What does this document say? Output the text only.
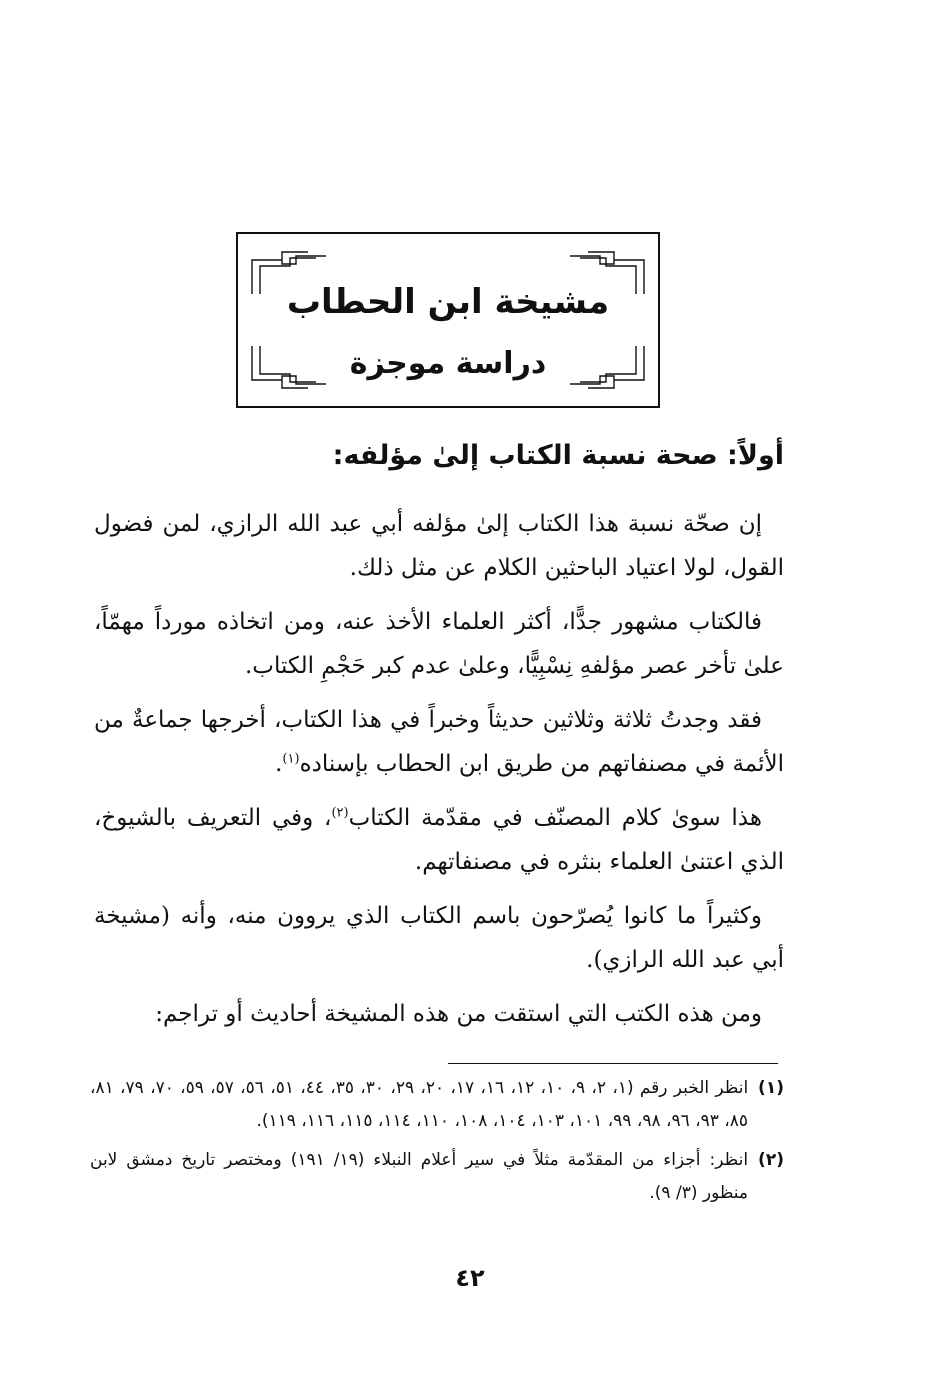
مشيخة ابن الحطاب
دراسة موجزة
أولاً: صحة نسبة الكتاب إلىٰ مؤلفه:

إن صحّة نسبة هذا الكتاب إلىٰ مؤلفه أبي عبد الله الرازي، لمن فضول القول، لولا اعتياد الباحثين الكلام عن مثل ذلك.

فالكتاب مشهور جدًّا، أكثر العلماء الأخذ عنه، ومن اتخاذه مورداً مهمّاً، علىٰ تأخر عصر مؤلفهِ نِسْبِيًّا، وعلىٰ عدم كبر حَجْمِ الكتاب.

فقد وجدتُ ثلاثة وثلاثين حديثاً وخبراً في هذا الكتاب، أخرجها جماعةٌ من الأئمة في مصنفاتهم من طريق ابن الحطاب بإسناده$^{(١)}$.

هذا سوىٰ كلام المصنّف في مقدّمة الكتاب$^{(٢)}$، وفي التعريف بالشيوخ، الذي اعتنىٰ العلماء بنثره في مصنفاتهم.

وكثيراً ما كانوا يُصرّحون باسم الكتاب الذي يروون منه، وأنه (مشيخة أبي عبد الله الرازي).

ومن هذه الكتب التي استقت من هذه المشيخة أحاديث أو تراجم:

(١)
انظر الخبر رقم (١، ٢، ٩، ١٠، ١٢، ١٦، ١٧، ٢٠، ٢٩، ٣٠، ٣٥، ٤٤، ٥١، ٥٦، ٥٧، ٥٩، ٧٠، ٧٩، ٨١، ٨٥، ٩٣، ٩٦، ٩٨، ٩٩، ١٠١، ١٠٣، ١٠٤، ١٠٨، ١١٠، ١١٤، ١١٥، ١١٦، ١١٩).
(٢)
انظر: أجزاء من المقدّمة مثلاً في سير أعلام النبلاء (١٩/ ١٩١) ومختصر تاريخ دمشق لابن منظور (٣/ ٩).
٤٢
